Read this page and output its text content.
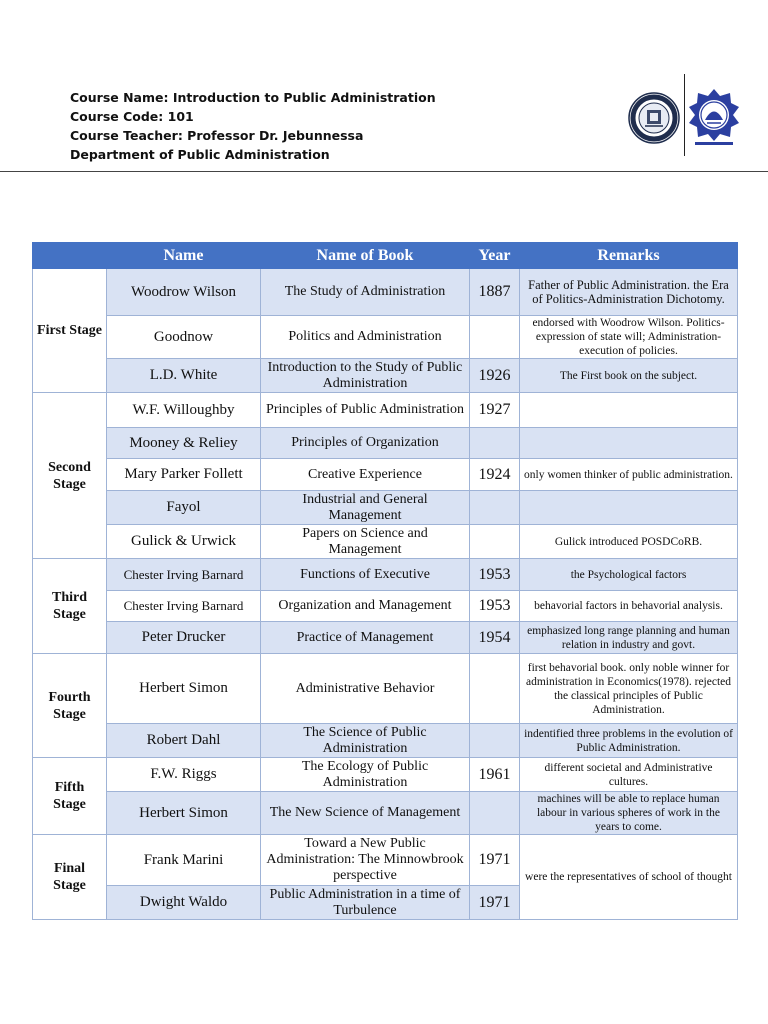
Course Name: Introduction to Public Administration
Course Code: 101
Course Teacher: Professor Dr. Jebunnessa
Department of Public Administration
	Name	Name of Book	Year	Remarks
First Stage	Woodrow Wilson	The Study of Administration	1887	Father of Public Administration. the Era of Politics-Administration Dichotomy.
	Goodnow	Politics and Administration		endorsed with Woodrow Wilson. Politics-expression of state will; Administration-execution of policies.
	L.D. White	Introduction to the Study of Public Administration	1926	The First book on the subject.
Second Stage	W.F. Willoughby	Principles of Public Administration	1927	
	Mooney & Reliey	Principles of Organization		
	Mary Parker Follett	Creative Experience	1924	only women thinker of public administration.
	Fayol	Industrial and General Management		
	Gulick & Urwick	Papers on Science and Management		Gulick introduced POSDCoRB.
Third Stage	Chester Irving Barnard	Functions of Executive	1953	the Psychological factors
	Chester Irving Barnard	Organization and Management	1953	behavorial factors in behavorial analysis.
	Peter Drucker	Practice of Management	1954	emphasized long range planning and human relation in industry and govt.
Fourth Stage	Herbert Simon	Administrative Behavior		first behavorial book. only noble winner for administration in Economics(1978). rejected the classical principles of Public Administration.
	Robert Dahl	The Science of Public Administration		indentified three problems in the evolution of Public Administration.
Fifth Stage	F.W. Riggs	The Ecology of Public Administration	1961	different societal and Administrative cultures.
	Herbert Simon	The New Science of Management		machines will be able to replace human labour in various spheres of work in the years to come.
Final Stage	Frank Marini	Toward a New Public Administration: The Minnowbrook perspective	1971	were the representatives of school of thought
	Dwight Waldo	Public Administration in a time of Turbulence	1971	
